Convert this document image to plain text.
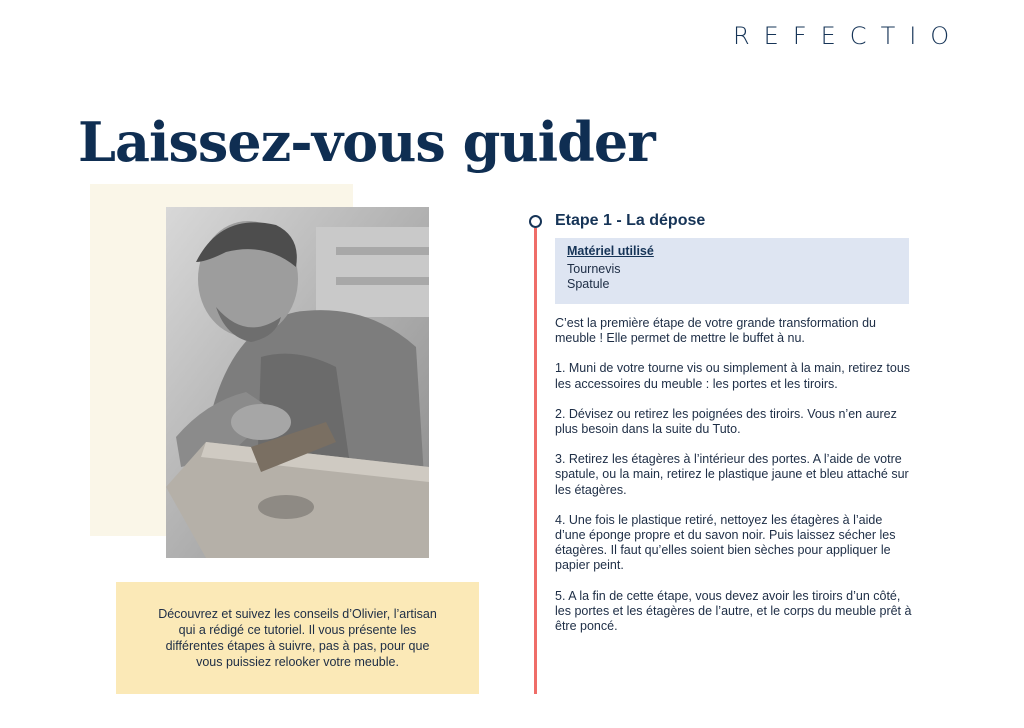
REFECTIO
Laissez-vous guider
Découvrez et suivez les conseils d’Olivier, l’artisan qui a rédigé ce tutoriel. Il vous présente les différentes étapes à suivre, pas à pas, pour que vous puissiez relooker votre meuble.
Etape 1 - La dépose
Matériel utilisé
Tournevis
Spatule

C’est la première étape de votre grande transformation du meuble ! Elle permet de mettre le buffet à nu.

1. Muni de votre tourne vis ou simplement à la main, retirez tous les accessoires du meuble : les portes et les tiroirs.

2. Dévisez ou retirez les poignées des tiroirs. Vous n’en aurez plus besoin dans la suite du Tuto.

3. Retirez les étagères à l’intérieur des portes. A l’aide de votre spatule, ou la main, retirez le plastique jaune et bleu attaché sur les étagères.

4. Une fois le plastique retiré, nettoyez les étagères à l’aide d’une éponge propre et du savon noir. Puis laissez sécher les étagères. Il faut qu’elles soient bien sèches pour appliquer le papier peint.

5. A la fin de cette étape, vous devez avoir les tiroirs d’un côté, les portes et les étagères de l’autre, et le corps du meuble prêt à être poncé.
